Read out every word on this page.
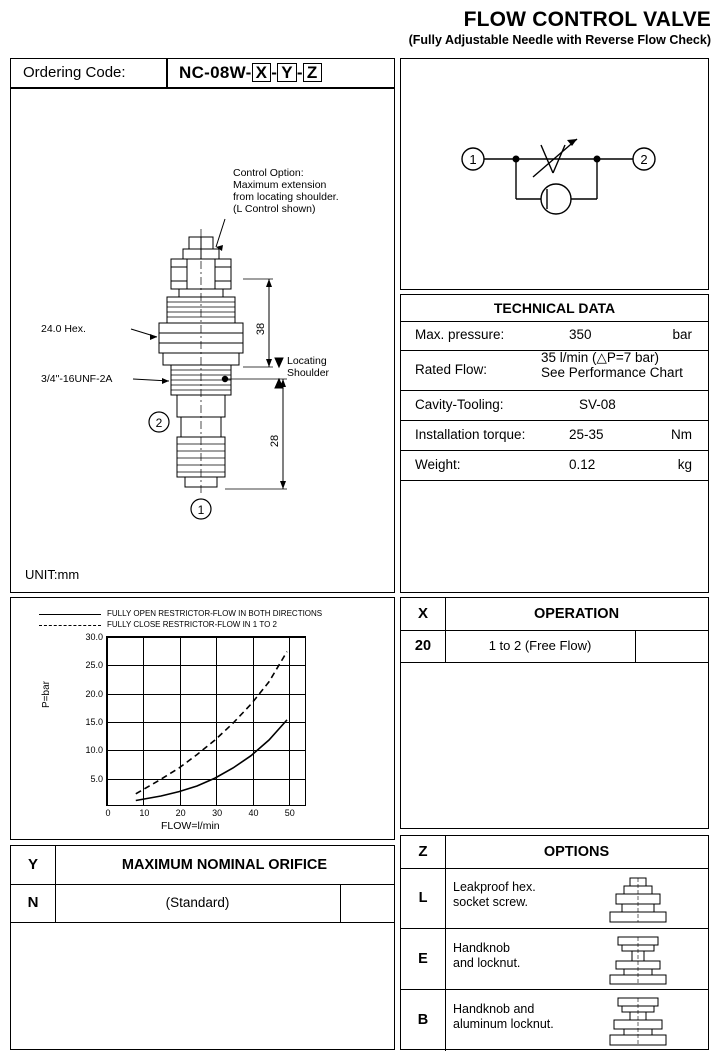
FLOW CONTROL VALVE
(Fully Adjustable Needle with Reverse Flow Check)
Ordering Code:	NC-08W- X - Y - Z
38
28
2
1
Control Option:
Maximum extension
from locating shoulder.
(L Control shown)
24.0 Hex.
3/4"-16UNF-2A
Locating
Shoulder
UNIT:mm
1	2
TECHNICAL DATA
Max. pressure:	350	bar
Rated Flow:
35 l/min (△P=7 bar)
See Performance Chart
Cavity-Tooling:	SV-08
Installation torque:	25-35	Nm
Weight:	0.12	kg
FULLY OPEN RESTRICTOR-FLOW IN BOTH DIRECTIONS
FULLY CLOSE RESTRICTOR-FLOW IN 1 TO 2
P=bar
FLOW=l/min
30.0
25.0
20.0
15.0
10.0
5.0
0	10	20	30	40	50
Y	MAXIMUM NOMINAL ORIFICE
N	(Standard)
X	OPERATION
20	1 to 2 (Free Flow)
Z	OPTIONS
L
Leakproof hex.
socket screw.
E
Handknob
and locknut.
B
Handknob and
aluminum locknut.
